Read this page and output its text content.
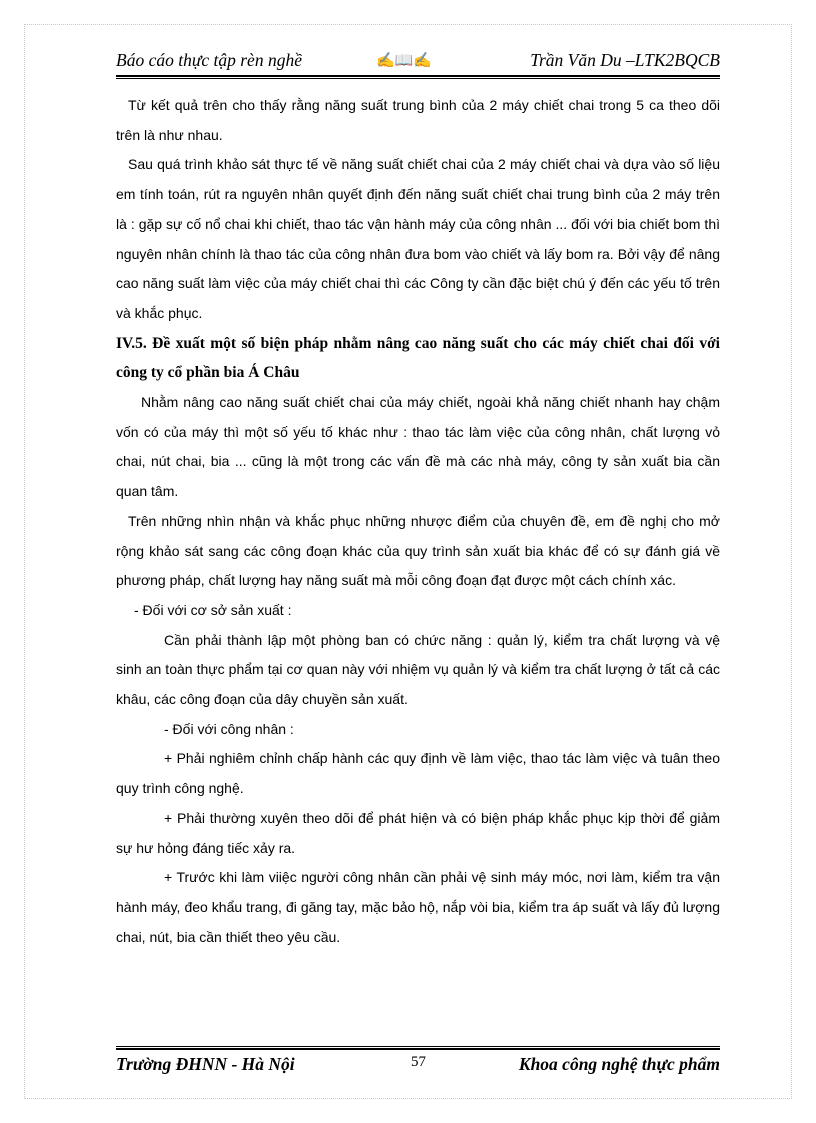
Báo cáo thực tập rèn nghề	✍📖✍	Trần Văn Du –LTK2BQCB

Từ kết quả trên cho thấy rằng năng suất trung bình của 2 máy chiết chai trong 5 ca theo dõi trên là như nhau.

Sau quá trình khảo sát thực tế về năng suất chiết chai của 2 máy chiết chai và dựa vào số liệu em tính toán, rút ra nguyên nhân quyết định đến năng suất chiết chai trung bình của 2 máy trên là : gặp sự cố nổ chai khi chiết, thao tác vận hành máy của công nhân ... đối với bia chiết bom thì nguyên nhân chính là thao tác của công nhân đưa bom vào chiết và lấy bom ra. Bởi vậy để nâng cao năng suất làm việc của máy chiết chai thì các Công ty cần đặc biệt chú ý đến các yếu tố trên và khắc phục.

IV.5. Đề xuất một số biện pháp nhằm nâng cao năng suất cho các máy chiết chai đối với công ty cổ phần bia Á Châu

Nhằm nâng cao năng suất chiết chai của máy chiết, ngoài khả năng chiết nhanh hay chậm vốn có của máy thì một số yếu tố khác như : thao tác làm việc của công nhân, chất lượng vỏ chai, nút chai, bia ... cũng là một trong các vấn đề mà các nhà máy, công ty sản xuất bia cần quan tâm.

Trên những nhìn nhận và khắc phục những nhược điểm của chuyên đề, em đề nghị cho mở rộng khảo sát sang các công đoạn khác của quy trình sản xuất bia khác để có sự đánh giá về phương pháp, chất lượng hay năng suất mà mỗi công đoạn đạt được một cách chính xác.

- Đối với cơ sở sản xuất :

Cần phải thành lập một phòng ban có chức năng : quản lý, kiểm tra chất lượng và vệ sinh an toàn thực phẩm tại cơ quan này với nhiệm vụ quản lý và kiểm tra chất lượng ở tất cả các khâu, các công đoạn của dây chuyền sản xuất.

- Đối với công nhân :

+ Phải nghiêm chỉnh chấp hành các quy định về làm việc, thao tác làm việc và tuân theo quy trình công nghệ.

+ Phải thường xuyên theo dõi để phát hiện và có biện pháp khắc phục kịp thời để giảm sự hư hỏng đáng tiếc xảy ra.

+ Trước khi làm viiệc người công nhân cần phải vệ sinh máy móc, nơi làm, kiểm tra vận hành máy, đeo khẩu trang, đi găng tay, mặc bảo hộ, nắp vòi bia, kiểm tra áp suất và lấy đủ lượng chai, nút, bia cần thiết theo yêu cầu.

Trường ĐHNN - Hà Nội	57	Khoa công nghệ thực phẩm
